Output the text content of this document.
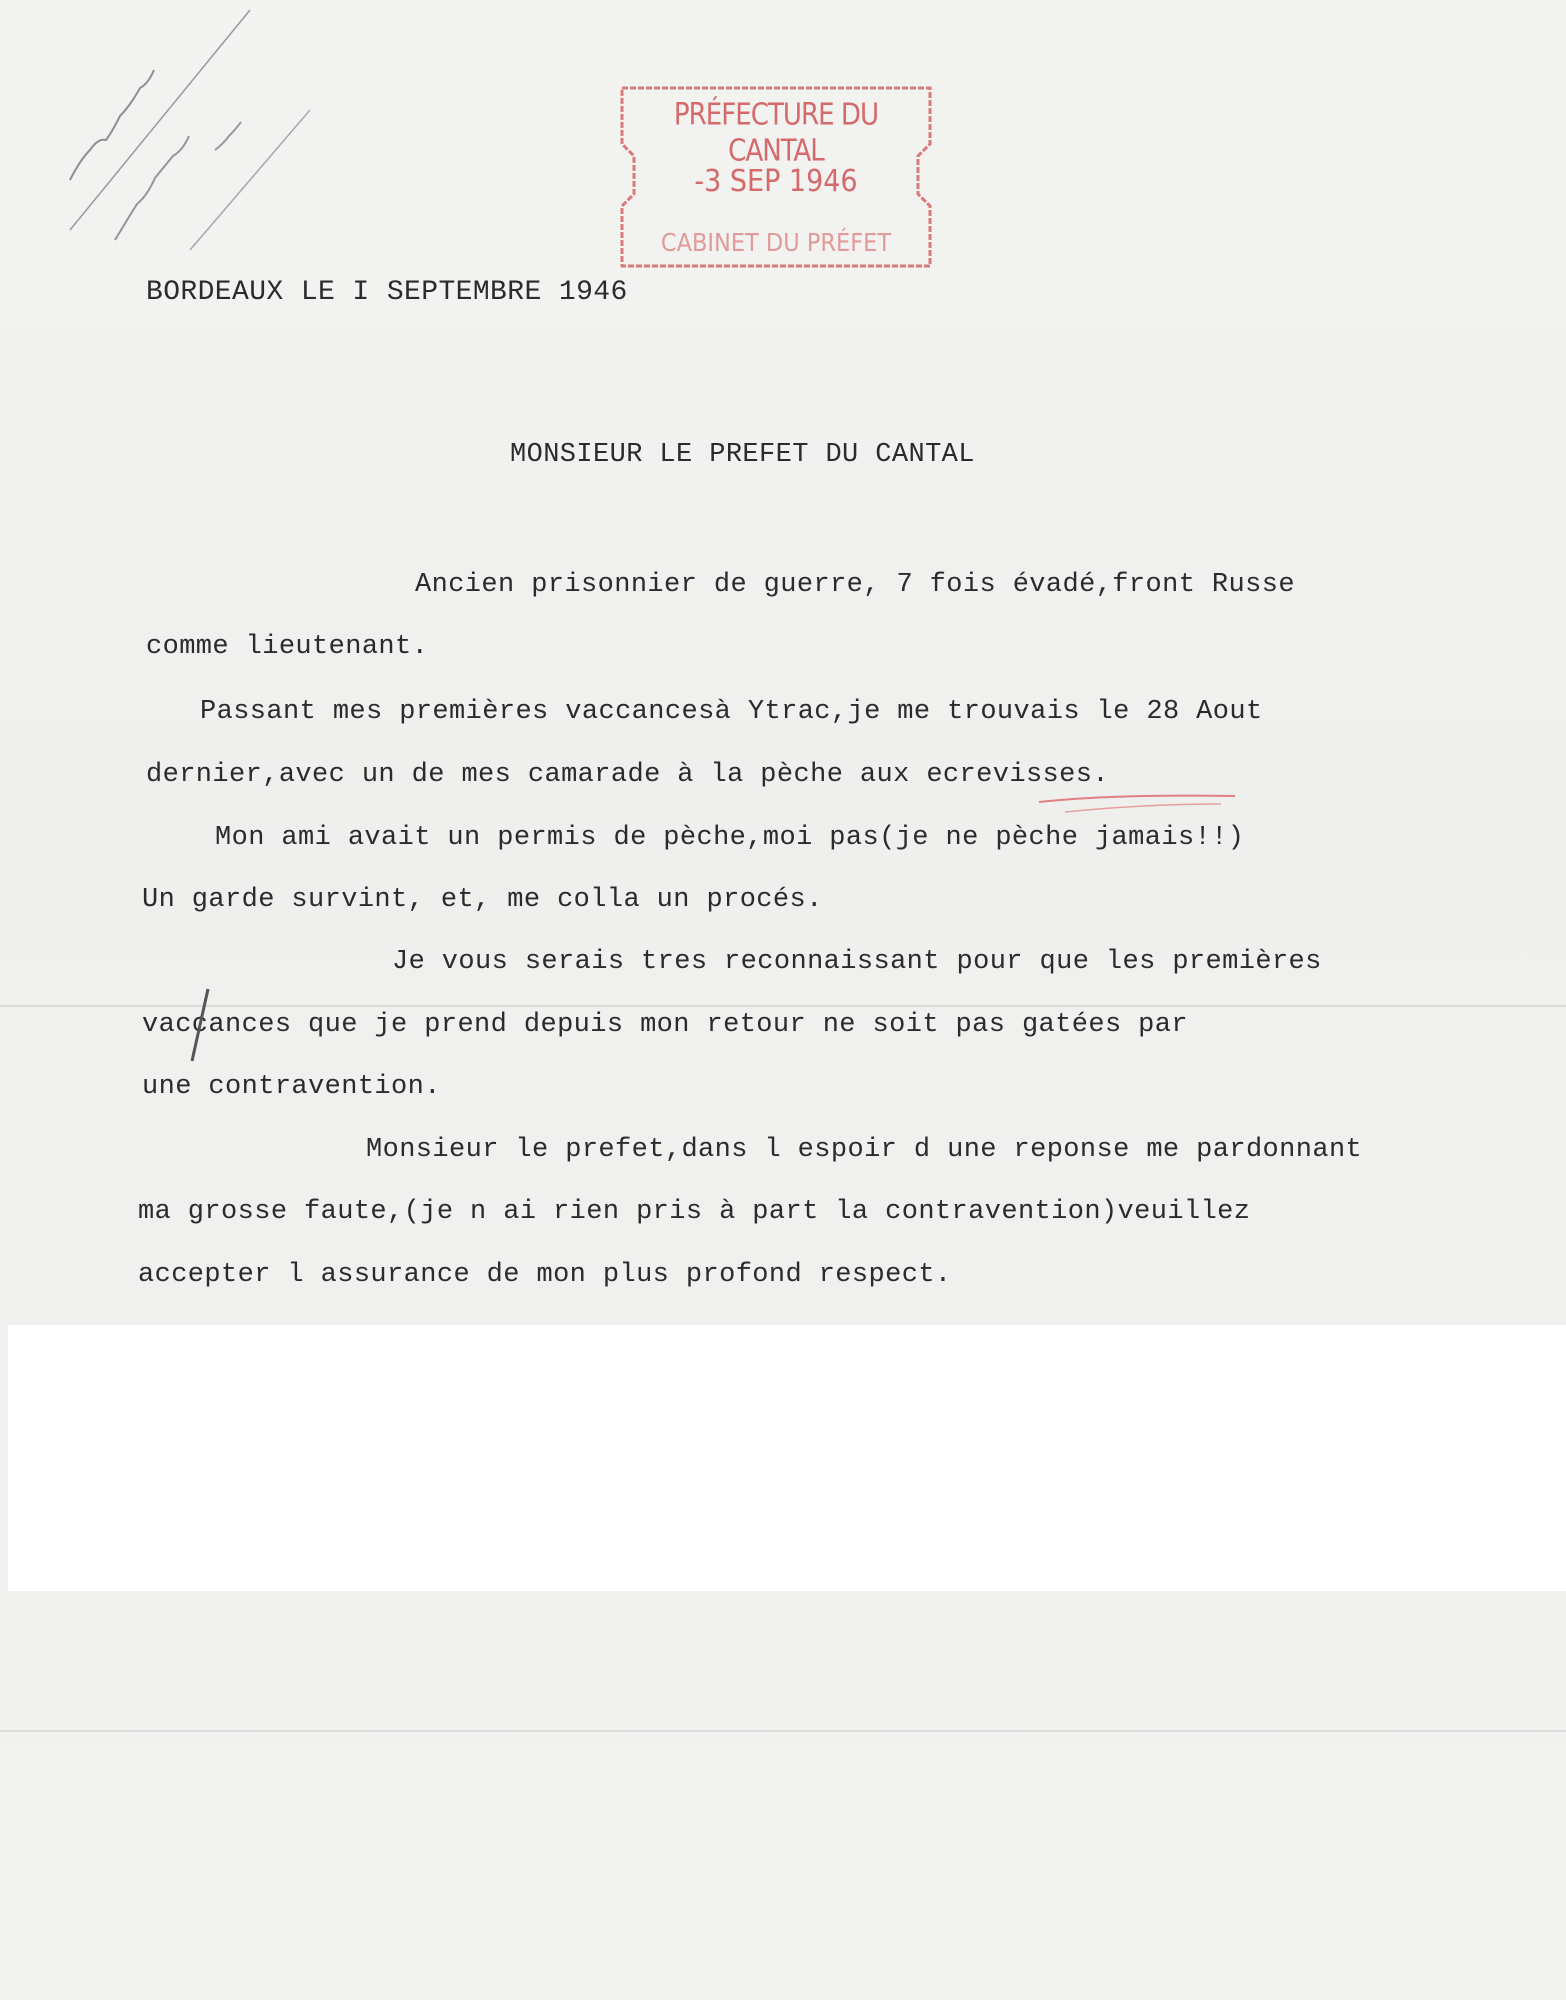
PRÉFECTURE DU CANTAL
-3 SEP 1946
CABINET DU PRÉFET
BORDEAUX LE I SEPTEMBRE 1946
MONSIEUR LE PREFET DU CANTAL
Ancien prisonnier de guerre, 7 fois évadé,front Russe
comme lieutenant.
Passant mes premières vaccancesà Ytrac,je me trouvais le 28 Aout
dernier,avec un de mes camarade à la pèche aux ecrevisses.
Mon ami avait un permis de pèche,moi pas(je ne pèche jamais!!)
Un garde survint, et, me colla un procés.
Je vous serais tres reconnaissant pour que les premières
vaccances que je prend depuis mon retour ne soit pas gatées par
une contravention.
Monsieur le prefet,dans l espoir d une reponse me pardonnant
ma grosse faute,(je n ai rien pris à part la contravention)veuillez
accepter l assurance de mon plus profond respect.
